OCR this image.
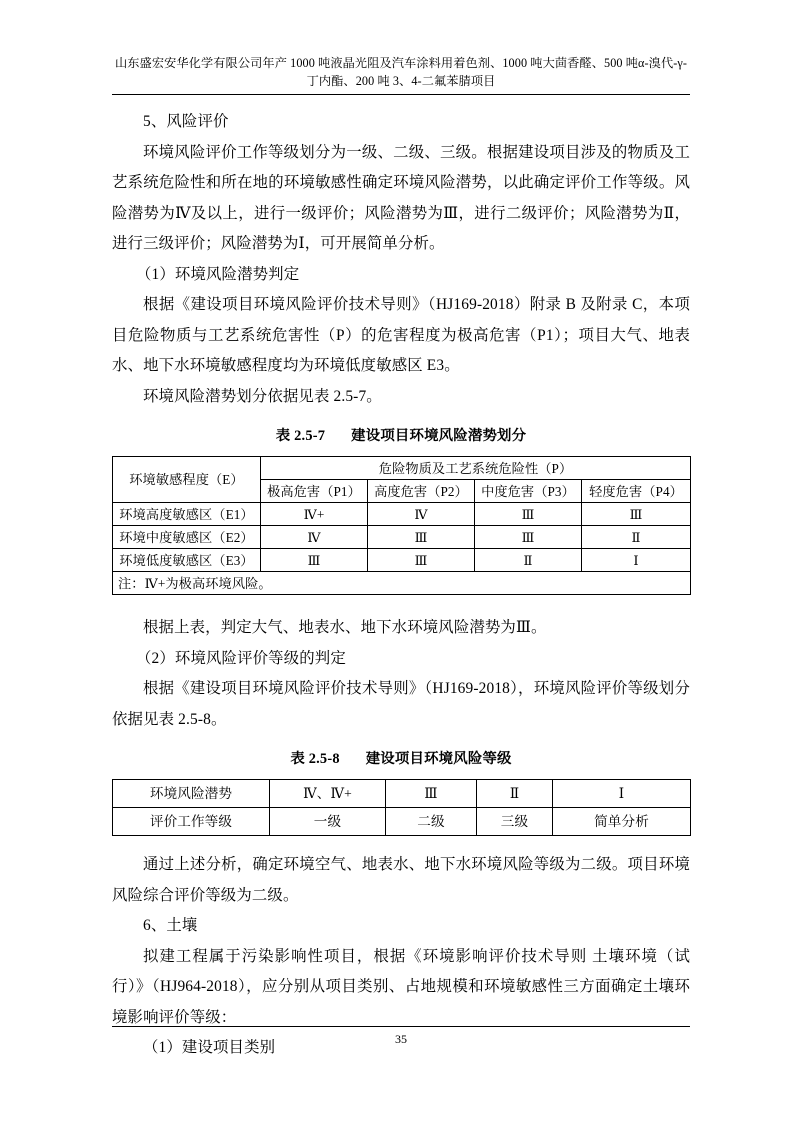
山东盛宏安华化学有限公司年产 1000 吨液晶光阻及汽车涂料用着色剂、1000 吨大茴香醛、500 吨α-溴代-γ-
丁内酯、200 吨 3、4-二氟苯腈项目

5、风险评价

环境风险评价工作等级划分为一级、二级、三级。根据建设项目涉及的物质及工艺系统危险性和所在地的环境敏感性确定环境风险潜势，以此确定评价工作等级。风险潜势为Ⅳ及以上，进行一级评价；风险潜势为Ⅲ，进行二级评价；风险潜势为Ⅱ，进行三级评价；风险潜势为Ⅰ，可开展简单分析。

（1）环境风险潜势判定

根据《建设项目环境风险评价技术导则》（HJ169-2018）附录 B 及附录 C，本项目危险物质与工艺系统危害性（P）的危害程度为极高危害（P1）；项目大气、地表水、地下水环境敏感程度均为环境低度敏感区 E3。

环境风险潜势划分依据见表 2.5-7。

表 2.5-7 建设项目环境风险潜势划分

环境敏感程度（E）	危险物质及工艺系统危险性（P）			
	极高危害（P1）	高度危害（P2）	中度危害（P3）	轻度危害（P4）
环境高度敏感区（E1）	Ⅳ+	Ⅳ	Ⅲ	Ⅲ
环境中度敏感区（E2）	Ⅳ	Ⅲ	Ⅲ	Ⅱ
环境低度敏感区（E3）	Ⅲ	Ⅲ	Ⅱ	Ⅰ
注：Ⅳ+为极高环境风险。				

根据上表，判定大气、地表水、地下水环境风险潜势为Ⅲ。

（2）环境风险评价等级的判定

根据《建设项目环境风险评价技术导则》（HJ169-2018），环境风险评价等级划分依据见表 2.5-8。

表 2.5-8 建设项目环境风险等级

环境风险潜势	Ⅳ、Ⅳ+	Ⅲ	Ⅱ	Ⅰ
评价工作等级	一级	二级	三级	简单分析

通过上述分析，确定环境空气、地表水、地下水环境风险等级为二级。项目环境风险综合评价等级为二级。

6、土壤

拟建工程属于污染影响性项目，根据《环境影响评价技术导则 土壤环境（试行）》（HJ964-2018），应分别从项目类别、占地规模和环境敏感性三方面确定土壤环境影响评价等级：

（1）建设项目类别	35
